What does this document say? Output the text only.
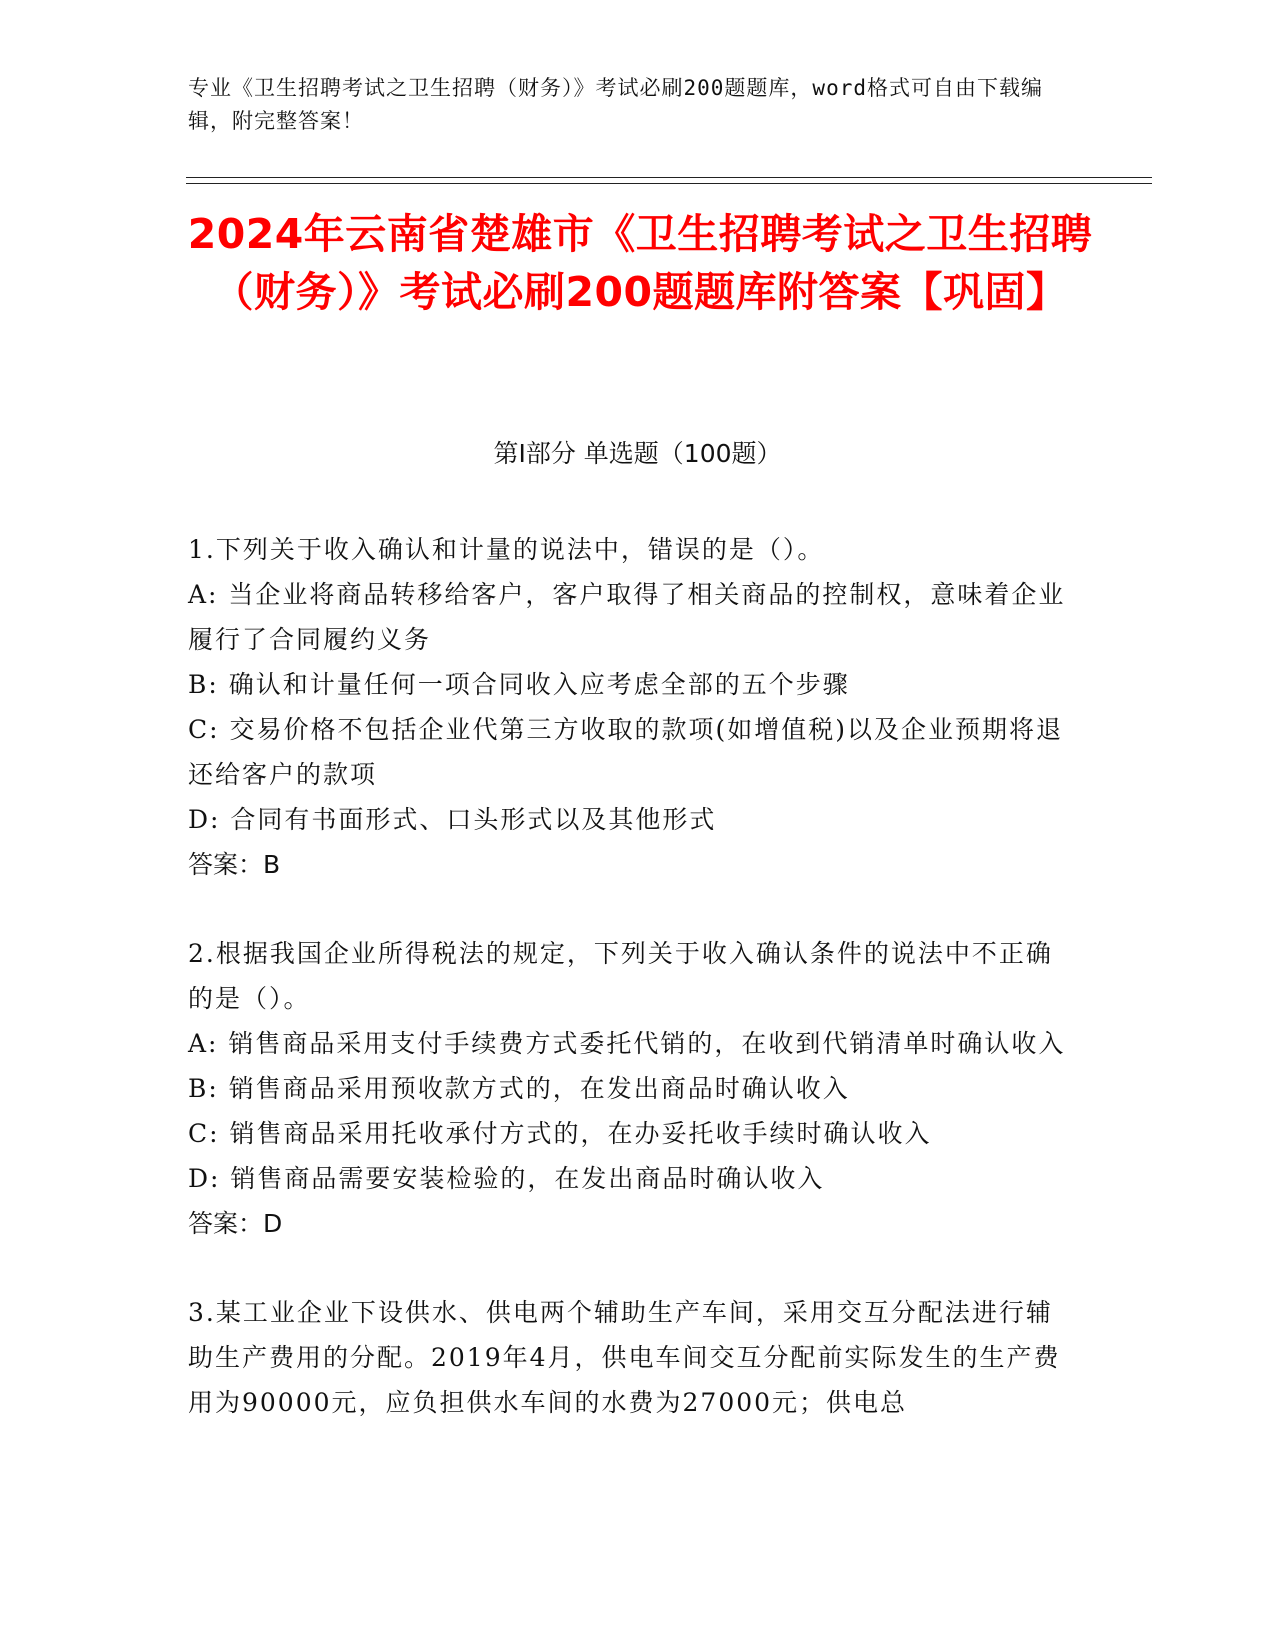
专业《卫生招聘考试之卫生招聘（财务）》考试必刷200题题库，word格式可自由下载编辑，附完整答案！
2024年云南省楚雄市《卫生招聘考试之卫生招聘（财务）》考试必刷200题题库附答案【巩固】
第Ⅰ部分 单选题（100题）
1.下列关于收入确认和计量的说法中，错误的是（）。
A: 当企业将商品转移给客户，客户取得了相关商品的控制权，意味着企业履行了合同履约义务
B: 确认和计量任何一项合同收入应考虑全部的五个步骤
C: 交易价格不包括企业代第三方收取的款项(如增值税)以及企业预期将退还给客户的款项
D: 合同有书面形式、口头形式以及其他形式
答案：B
2.根据我国企业所得税法的规定，下列关于收入确认条件的说法中不正确的是（）。
A: 销售商品采用支付手续费方式委托代销的，在收到代销清单时确认收入
B: 销售商品采用预收款方式的，在发出商品时确认收入
C: 销售商品采用托收承付方式的，在办妥托收手续时确认收入
D: 销售商品需要安装检验的，在发出商品时确认收入
答案：D
3.某工业企业下设供水、供电两个辅助生产车间，采用交互分配法进行辅助生产费用的分配。2019年4月，供电车间交互分配前实际发生的生产费用为90000元，应负担供水车间的水费为27000元；供电总
